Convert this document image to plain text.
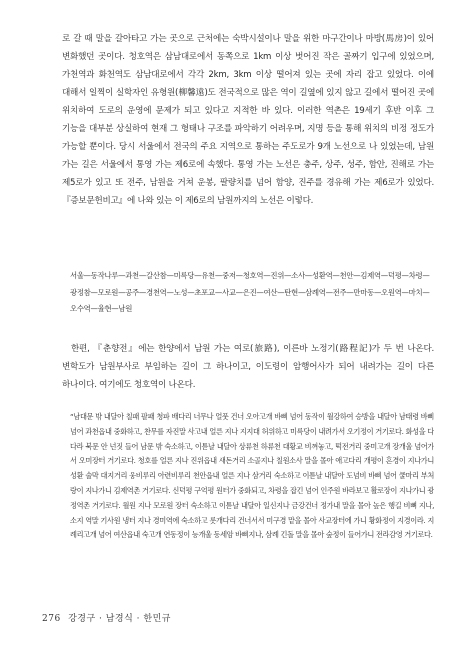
로 갈 때 말을 갈아타고 가는 곳으로 근처에는 숙박시설이나 말을 위한 마구간이나 마방(馬房)이 있어 변화했던 곳이다. 청호역은 삼남대로에서 동쪽으로 1km 이상 벗어진 작은 골짜기 입구에 있었으며, 가천역과 화천역도 삼남대로에서 각각 2km, 3km 이상 떨어져 있는 곳에 자리 잡고 있었다. 이에 대해서 일찍이 실학자인 유형원(柳馨遠)도 전국적으로 많은 역이 길옆에 있지 않고 길에서 떨어진 곳에 위치하여 도로의 운영에 문제가 되고 있다고 지적한 바 있다. 이러한 역촌은 19세기 후반 이후 그 기능을 대부분 상실하여 현재 그 형태나 구조를 파악하기 어려우며, 지명 등을 통해 위치의 비정 정도가 가능할 뿐이다. 당시 서울에서 전국의 주요 지역으로 통하는 주도로가 9개 노선으로 나 있었는데, 남원 가는 길은 서울에서 통영 가는 제6로에 속했다. 통영 가는 노선은 충주, 상주, 성주, 함안, 진해로 가는 제5로가 있고 또 전주, 남원을 거쳐 운봉, 팔량치를 넘어 함양, 진주를 경유해 가는 제6로가 있었다.『증보문헌비고』에 나와 있는 이 제6로의 남원까지의 노선은 이렇다.

서울—동작나루—과천—갈산참—미륵당—유천—중저—청호역—진위—소사—성환역—천안—김제역—덕평—차령—광정참—모로원—공주—경천역—노성—초포교—사교—은진—여산—탄현—삼례역—전주—만마동—오원역—마치—오수역—율현—남원

한편, 『춘향전』에는 한양에서 남원 가는 여로(旅路), 이른바 노정기(路程記)가 두 번 나온다. 변학도가 남원부사로 부임하는 길이 그 하나이고, 이도령이 암행어사가 되어 내려가는 길이 다른 하나이다. 여기에도 청호역이 나온다.

“남대문 밖 내달아 칠패 팔패 청파 배다리 너무나 얼풋 건너 오아고개 바삐 넘어 동작이 월강하여 승방을 내달아 남태령 바삐 넘어 과천읍내 중화하고, 찬무를 자진말 사고내 얼른 지나 지지대 허위하고 미륵당이 내려가서 오기정이 거기로다. 화성을 다다라 북문 안 넌짓 들어 남문 밖 숙소하고, 이튿날 내달아 상류천 하류천 대황교 비껴놓고, 떡전거리 중미고개 장개울 넘어가서 오미장터 거기로다. 청호를 얼른 지나 진위읍내 새돈거리 소골지나 칠원소사 말을 몰아 애고다리 개평이 흔경이 지나가니 성환 술막 대지거리 웅비루리 아련비루리 천안읍내 얼른 지나 삼거리 숙소하고 이튿날 내달아 도넘비 바삐 넘어 쿨마리 부처랑이 지나가니 김제역촌 거기로다. 신덕평 구억평 원터가 중화되고, 차령을 잡긴 넘어 인주원 바라보고 활로장이 지나가니 광정역촌 거기로다. 월원 지나 모로원 장터 숙소하고 이튿날 내달아 일신지나 금강건너 정가내 말을 몰아 높은 행길 비뼈 지나, 소지 역말 기사원 냉터 지나 경미역에 숙소하고 롯개다리 건너서서 미구경 맡을 몰아 사교장터에 가니 황화정이 지경이라. 지례리고개 넘어 여산읍내 숙고개 연동정이 능개울 동세암 바삐지나, 삼례 긴돌 말을 몰아 숲정이 들어가니 전라감영 거기로다.

276 강경구 · 남경식 · 한민규
